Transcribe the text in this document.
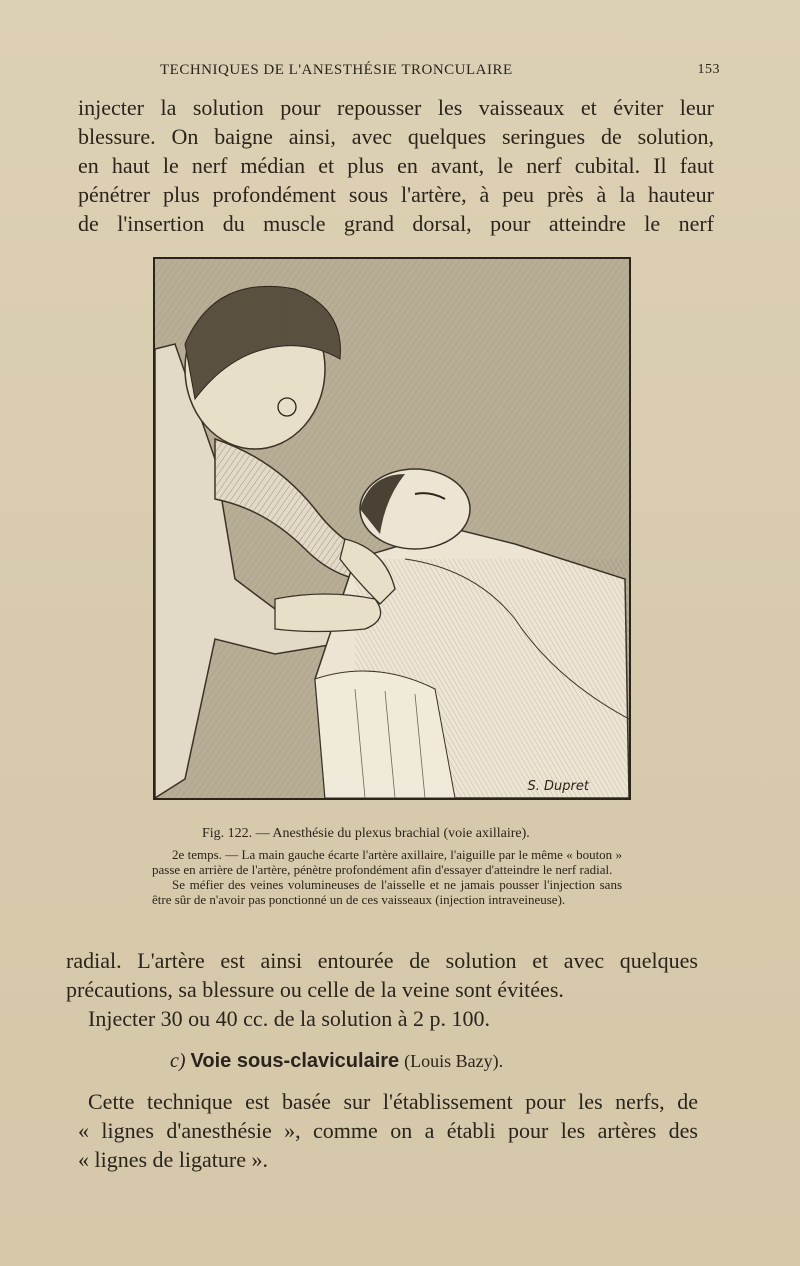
TECHNIQUES DE L'ANESTHÉSIE TRONCULAIRE	153

injecter la solution pour repousser les vaisseaux et éviter leur

blessure. On baigne ainsi, avec quelques seringues de solution,

en haut le nerf médian et plus en avant, le nerf cubital. Il faut

pénétrer plus profondément sous l'artère, à peu près à la hauteur

de l'insertion du muscle grand dorsal, pour atteindre le nerf

S. Dupret

Fig. 122. — Anesthésie du plexus brachial (voie axillaire).

2e temps. — La main gauche écarte l'artère axillaire, l'aiguille par le même « bouton » passe en arrière de l'artère, pénètre profondément afin d'essayer d'atteindre le nerf radial.

Se méfier des veines volumineuses de l'aisselle et ne jamais pousser l'injection sans être sûr de n'avoir pas ponctionné un de ces vaisseaux (injection intraveineuse).

radial. L'artère est ainsi entourée de solution et avec quelques

précautions, sa blessure ou celle de la veine sont évitées.

Injecter 30 ou 40 cc. de la solution à 2 p. 100.

c) Voie sous-claviculaire (Louis Bazy).

Cette technique est basée sur l'établissement pour les nerfs, de

« lignes d'anesthésie », comme on a établi pour les artères des

« lignes de ligature ».
